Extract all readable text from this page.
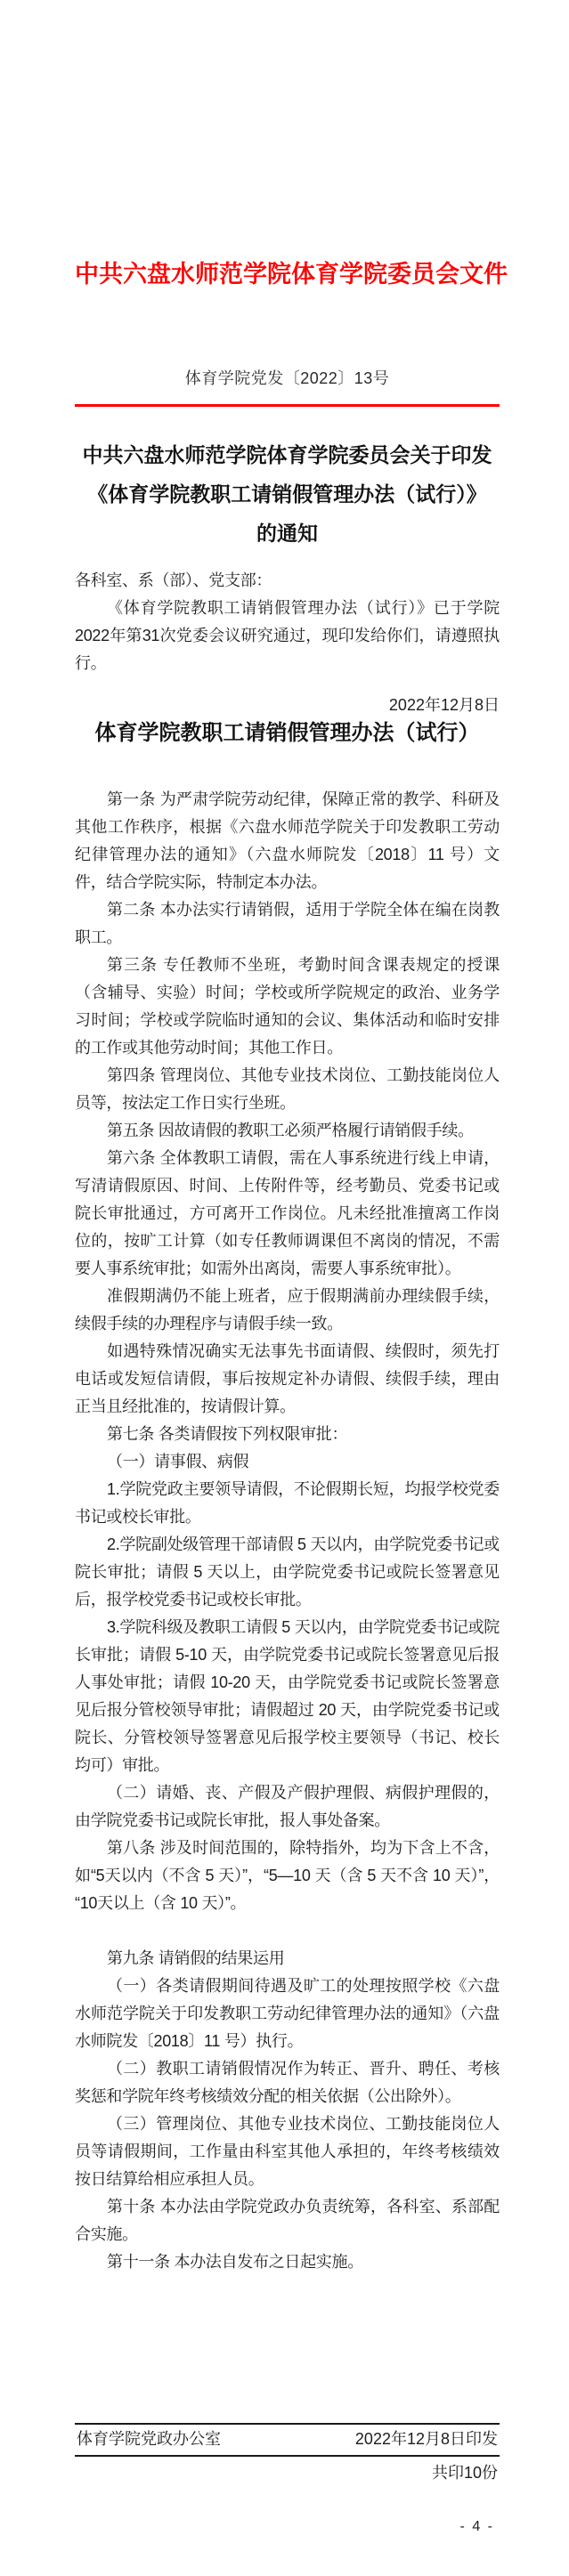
中共六盘水师范学院体育学院委员会文件
体育学院党发〔2022〕13号
中共六盘水师范学院体育学院委员会关于印发
《体育学院教职工请销假管理办法（试行）》
的通知
各科室、系（部）、党支部：

《体育学院教职工请销假管理办法（试行）》已于学院2022年第31次党委会议研究通过，现印发给你们，请遵照执行。

2022年12月8日
体育学院教职工请销假管理办法（试行）

第一条 为严肃学院劳动纪律，保障正常的教学、科研及其他工作秩序，根据《六盘水师范学院关于印发教职工劳动纪律管理办法的通知》（六盘水师院发〔2018〕11 号）文件，结合学院实际，特制定本办法。

第二条 本办法实行请销假，适用于学院全体在编在岗教职工。

第三条 专任教师不坐班，考勤时间含课表规定的授课（含辅导、实验）时间；学校或所学院规定的政治、业务学习时间；学校或学院临时通知的会议、集体活动和临时安排的工作或其他劳动时间；其他工作日。

第四条 管理岗位、其他专业技术岗位、工勤技能岗位人员等，按法定工作日实行坐班。

第五条 因故请假的教职工必须严格履行请销假手续。

第六条 全体教职工请假，需在人事系统进行线上申请，写清请假原因、时间、上传附件等，经考勤员、党委书记或院长审批通过，方可离开工作岗位。凡未经批准擅离工作岗位的，按旷工计算（如专任教师调课但不离岗的情况，不需要人事系统审批；如需外出离岗，需要人事系统审批）。

准假期满仍不能上班者，应于假期满前办理续假手续，续假手续的办理程序与请假手续一致。

如遇特殊情况确实无法事先书面请假、续假时，须先打电话或发短信请假，事后按规定补办请假、续假手续，理由正当且经批准的，按请假计算。

第七条 各类请假按下列权限审批：

（一）请事假、病假

1.学院党政主要领导请假，不论假期长短，均报学校党委书记或校长审批。

2.学院副处级管理干部请假 5 天以内，由学院党委书记或院长审批；请假 5 天以上，由学院党委书记或院长签署意见后，报学校党委书记或校长审批。

3.学院科级及教职工请假 5 天以内，由学院党委书记或院长审批；请假 5-10 天，由学院党委书记或院长签署意见后报人事处审批；请假 10-20 天，由学院党委书记或院长签署意见后报分管校领导审批；请假超过 20 天，由学院党委书记或院长、分管校领导签署意见后报学校主要领导（书记、校长均可）审批。

（二）请婚、丧、产假及产假护理假、病假护理假的，由学院党委书记或院长审批，报人事处备案。

第八条 涉及时间范围的，除特指外，均为下含上不含，如“5天以内（不含 5 天）”，“5—10 天（含 5 天不含 10 天）”，“10天以上（含 10 天）”。

第九条 请销假的结果运用

（一）各类请假期间待遇及旷工的处理按照学校《六盘水师范学院关于印发教职工劳动纪律管理办法的通知》（六盘水师院发〔2018〕11 号）执行。

（二）教职工请销假情况作为转正、晋升、聘任、考核奖惩和学院年终考核绩效分配的相关依据（公出除外）。

（三）管理岗位、其他专业技术岗位、工勤技能岗位人员等请假期间，工作量由科室其他人承担的，年终考核绩效按日结算给相应承担人员。

第十条 本办法由学院党政办负责统筹，各科室、系部配合实施。

第十一条 本办法自发布之日起实施。

体育学院党政办公室	2022年12月8日印发
共印10份
- 4 -
